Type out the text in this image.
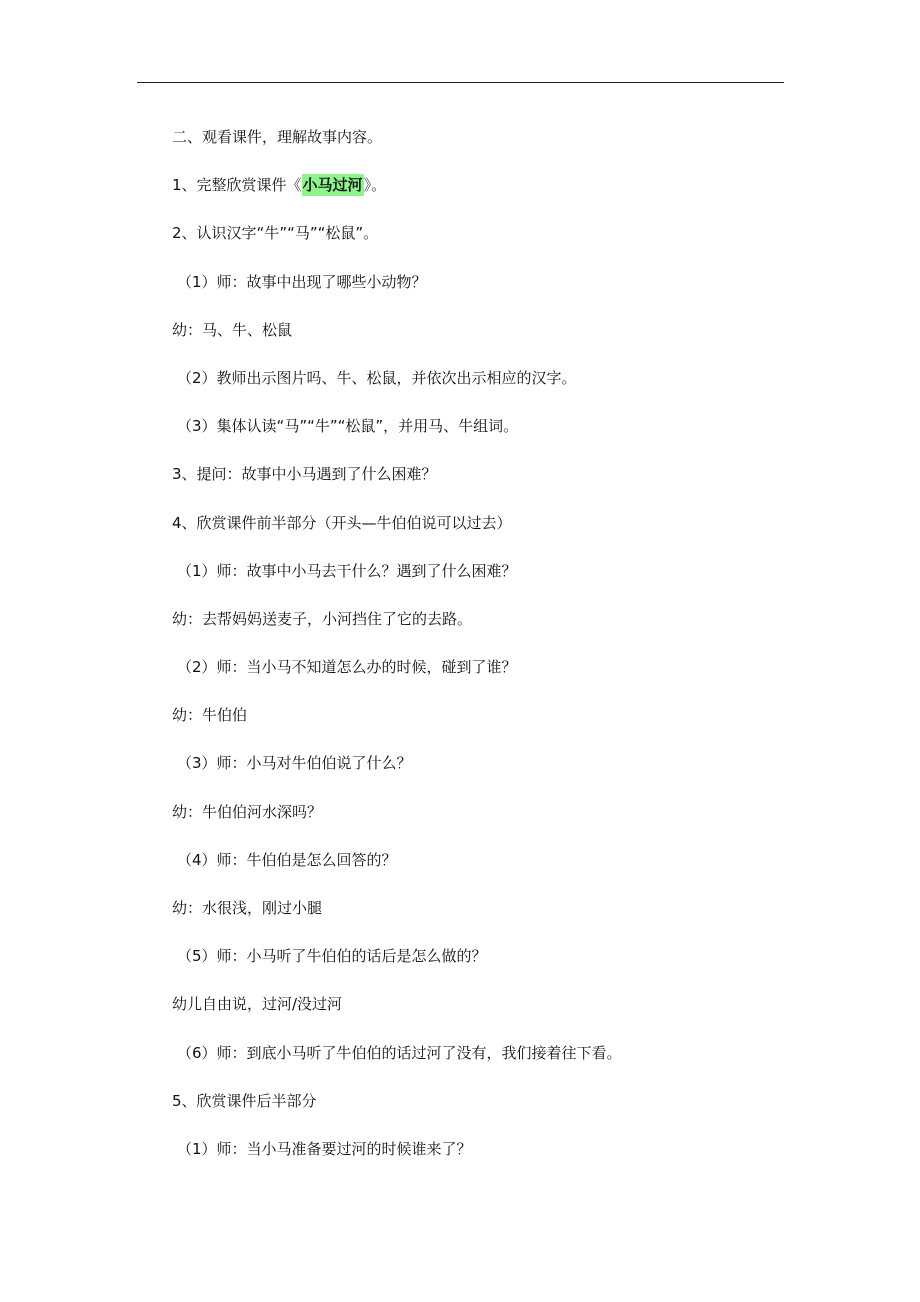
二、观看课件，理解故事内容。
1、完整欣赏课件《小马过河》。
2、认识汉字“牛”“马”“松鼠”。
（1）师：故事中出现了哪些小动物？
幼：马、牛、松鼠
（2）教师出示图片吗、牛、松鼠，并依次出示相应的汉字。
（3）集体认读“马”“牛”“松鼠”，并用马、牛组词。
3、提问：故事中小马遇到了什么困难？
4、欣赏课件前半部分（开头—牛伯伯说可以过去）
（1）师：故事中小马去干什么？遇到了什么困难？
幼：去帮妈妈送麦子，小河挡住了它的去路。
（2）师：当小马不知道怎么办的时候，碰到了谁？
幼：牛伯伯
（3）师：小马对牛伯伯说了什么？
幼：牛伯伯河水深吗？
（4）师：牛伯伯是怎么回答的？
幼：水很浅，刚过小腿
（5）师：小马听了牛伯伯的话后是怎么做的？
幼儿自由说，过河/没过河
（6）师：到底小马听了牛伯伯的话过河了没有，我们接着往下看。
5、欣赏课件后半部分
（1）师：当小马准备要过河的时候谁来了？
